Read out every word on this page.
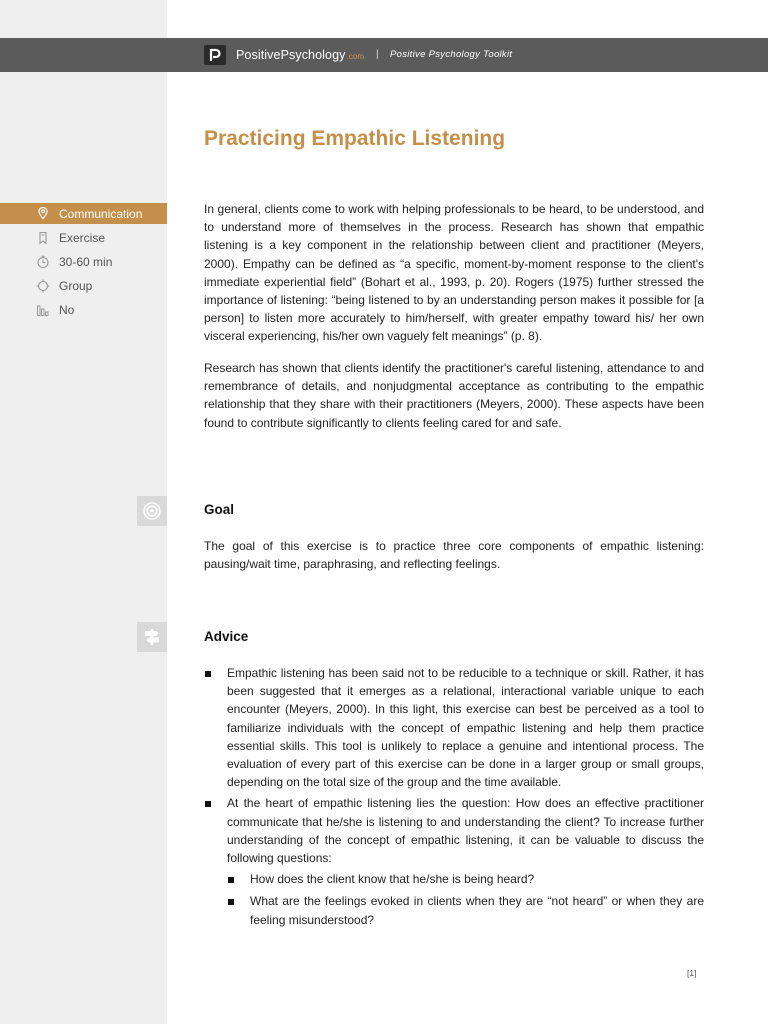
PositivePsychology.com | Positive Psychology Toolkit
Practicing Empathic Listening
Communication
Exercise
30-60 min
Group
No

In general, clients come to work with helping professionals to be heard, to be understood, and to understand more of themselves in the process. Research has shown that empathic listening is a key component in the relationship between client and practitioner (Meyers, 2000). Empathy can be defined as “a specific, moment-by-moment response to the client's immediate experiential field” (Bohart et al., 1993, p. 20). Rogers (1975) further stressed the importance of listening: “being listened to by an understanding person makes it possible for [a person] to listen more accurately to him/herself, with greater empathy toward his/ her own visceral experiencing, his/her own vaguely felt meanings” (p. 8).

Research has shown that clients identify the practitioner's careful listening, attendance to and remembrance of details, and nonjudgmental acceptance as contributing to the empathic relationship that they share with their practitioners (Meyers, 2000). These aspects have been found to contribute significantly to clients feeling cared for and safe.

Goal

The goal of this exercise is to practice three core components of empathic listening: pausing/wait time, paraphrasing, and reflecting feelings.

Advice
Empathic listening has been said not to be reducible to a technique or skill. Rather, it has been suggested that it emerges as a relational, interactional variable unique to each encounter (Meyers, 2000). In this light, this exercise can best be perceived as a tool to familiarize individuals with the concept of empathic listening and help them practice essential skills. This tool is unlikely to replace a genuine and intentional process. The evaluation of every part of this exercise can be done in a larger group or small groups, depending on the total size of the group and the time available.
At the heart of empathic listening lies the question: How does an effective practitioner communicate that he/she is listening to and understanding the client? To increase further understanding of the concept of empathic listening, it can be valuable to discuss the following questions:
How does the client know that he/she is being heard?
What are the feelings evoked in clients when they are “not heard” or when they are feeling misunderstood?
[1]
